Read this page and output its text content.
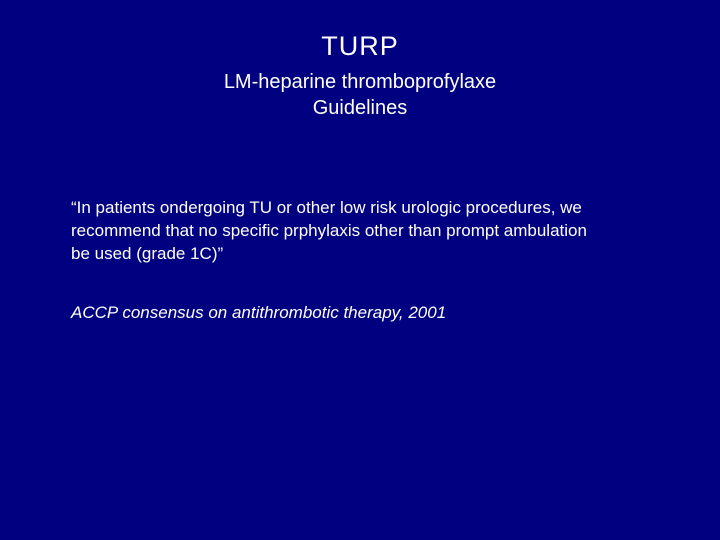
TURP
LM-heparine thromboprofylaxe
Guidelines
“In patients ondergoing TU or other low risk urologic procedures, we
recommend that no specific prphylaxis other than prompt ambulation
be used (grade 1C)”
ACCP consensus on antithrombotic therapy, 2001
